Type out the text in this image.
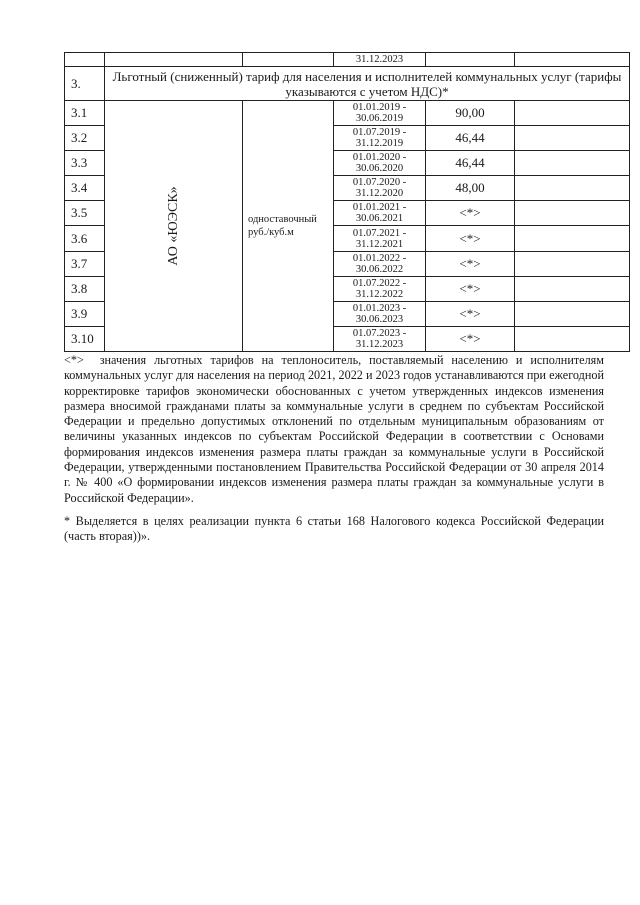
			31.12.2023		
3.	Льготный (сниженный) тариф для населения и исполнителей коммунальных услуг (тарифы указываются с учетом НДС)*				
3.1	АО «ЮЭСК»	одноставочный руб./куб.м	01.01.2019 - 30.06.2019	90,00	
3.2			01.07.2019 - 31.12.2019	46,44	
3.3			01.01.2020 - 30.06.2020	46,44	
3.4			01.07.2020 - 31.12.2020	48,00	
3.5			01.01.2021 - 30.06.2021	<*>	
3.6			01.07.2021 - 31.12.2021	<*>	
3.7			01.01.2022 - 30.06.2022	<*>	
3.8			01.07.2022 - 31.12.2022	<*>	
3.9			01.01.2023 - 30.06.2023	<*>	
3.10			01.07.2023 - 31.12.2023	<*>	

<*> значения льготных тарифов на теплоноситель, поставляемый населению и исполнителям коммунальных услуг для населения на период 2021, 2022 и 2023 годов устанавливаются при ежегодной корректировке тарифов экономически обоснованных с учетом утвержденных индексов изменения размера вносимой гражданами платы за коммунальные услуги в среднем по субъектам Российской Федерации и предельно допустимых отклонений по отдельным муниципальным образованиям от величины указанных индексов по субъектам Российской Федерации в соответствии с Основами формирования индексов изменения размера платы граждан за коммунальные услуги в Российской Федерации, утвержденными постановлением Правительства Российской Федерации от 30 апреля 2014 г. № 400 «О формировании индексов изменения размера платы граждан за коммунальные услуги в Российской Федерации».

* Выделяется в целях реализации пункта 6 статьи 168 Налогового кодекса Российской Федерации (часть вторая))».
